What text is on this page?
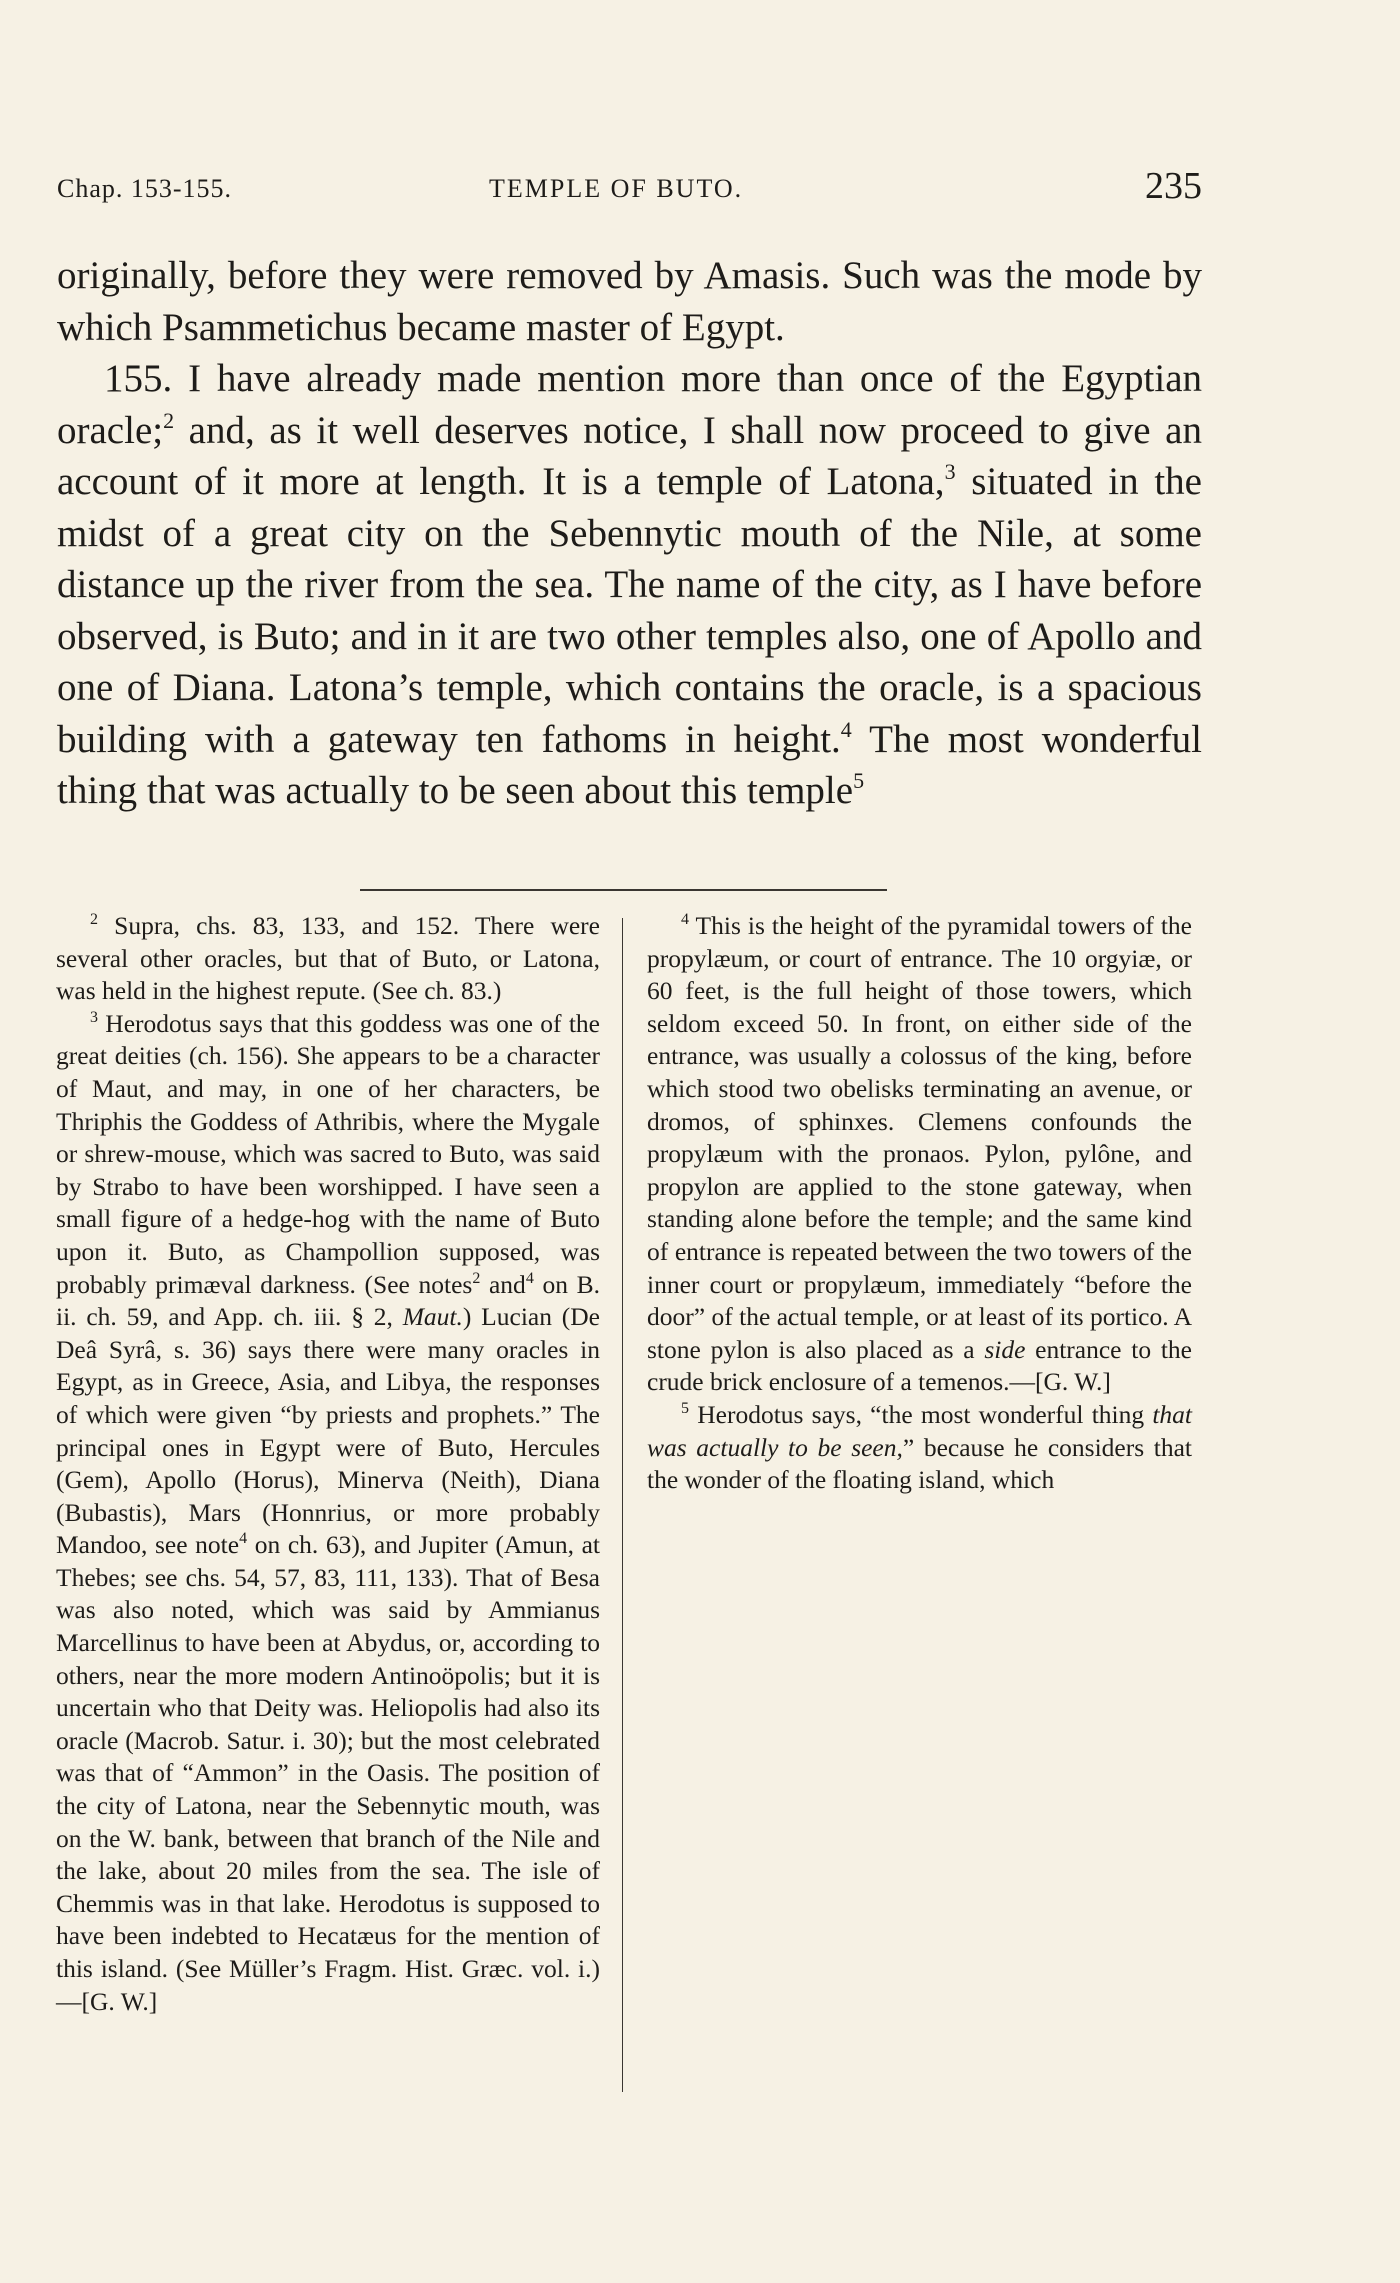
Chap. 153-155.	TEMPLE OF BUTO.	235

originally, before they were removed by Amasis. Such was the mode by which Psammetichus became master of Egypt.

155. I have already made mention more than once of the Egyptian oracle;$^2$ and, as it well deserves notice, I shall now proceed to give an account of it more at length. It is a temple of Latona,$^3$ situated in the midst of a great city on the Sebennytic mouth of the Nile, at some distance up the river from the sea. The name of the city, as I have before observed, is Buto; and in it are two other temples also, one of Apollo and one of Diana. Latona’s temple, which contains the oracle, is a spacious building with a gateway ten fathoms in height.$^4$ The most wonderful thing that was actually to be seen about this temple$^5$

$^2$ Supra, chs. 83, 133, and 152. There were several other oracles, but that of Buto, or Latona, was held in the highest repute. (See ch. 83.)

$^3$ Herodotus says that this goddess was one of the great deities (ch. 156). She appears to be a character of Maut, and may, in one of her characters, be Thriphis the Goddess of Athribis, where the Mygale or shrew-mouse, which was sacred to Buto, was said by Strabo to have been worshipped. I have seen a small figure of a hedge-hog with the name of Buto upon it. Buto, as Champollion supposed, was probably primæval darkness. (See notes$^2$ and$^4$ on B. ii. ch. 59, and App. ch. iii. § 2, Maut.) Lucian (De Deâ Syrâ, s. 36) says there were many oracles in Egypt, as in Greece, Asia, and Libya, the responses of which were given “by priests and prophets.” The principal ones in Egypt were of Buto, Hercules (Gem), Apollo (Horus), Minerva (Neith), Diana (Bubastis), Mars (Honnrius, or more probably Mandoo, see note$^4$ on ch. 63), and Jupiter (Amun, at Thebes; see chs. 54, 57, 83, 111, 133). That of Besa was also noted, which was said by Ammianus Marcellinus to have been at Abydus, or, according to others, near the more modern Antinoöpolis; but it is uncertain who that Deity was. Heliopolis had also its oracle (Macrob. Satur. i. 30); but the most celebrated was that of “Ammon” in the Oasis. The position of the city of Latona, near the Sebennytic mouth, was on the W. bank, between that branch of the Nile and the lake, about 20 miles from the sea. The isle of Chemmis was in that lake. Herodotus is supposed to have been indebted to Hecatæus for the mention of this island. (See Müller’s Fragm. Hist. Græc. vol. i.)—[G. W.]

$^4$ This is the height of the pyramidal towers of the propylæum, or court of entrance. The 10 orgyiæ, or 60 feet, is the full height of those towers, which seldom exceed 50. In front, on either side of the entrance, was usually a colossus of the king, before which stood two obelisks terminating an avenue, or dromos, of sphinxes. Clemens confounds the propylæum with the pronaos. Pylon, pylône, and propylon are applied to the stone gateway, when standing alone before the temple; and the same kind of entrance is repeated between the two towers of the inner court or propylæum, immediately “before the door” of the actual temple, or at least of its portico. A stone pylon is also placed as a side entrance to the crude brick enclosure of a temenos.—[G. W.]

$^5$ Herodotus says, “the most wonderful thing that was actually to be seen,” because he considers that the wonder of the floating island, which
